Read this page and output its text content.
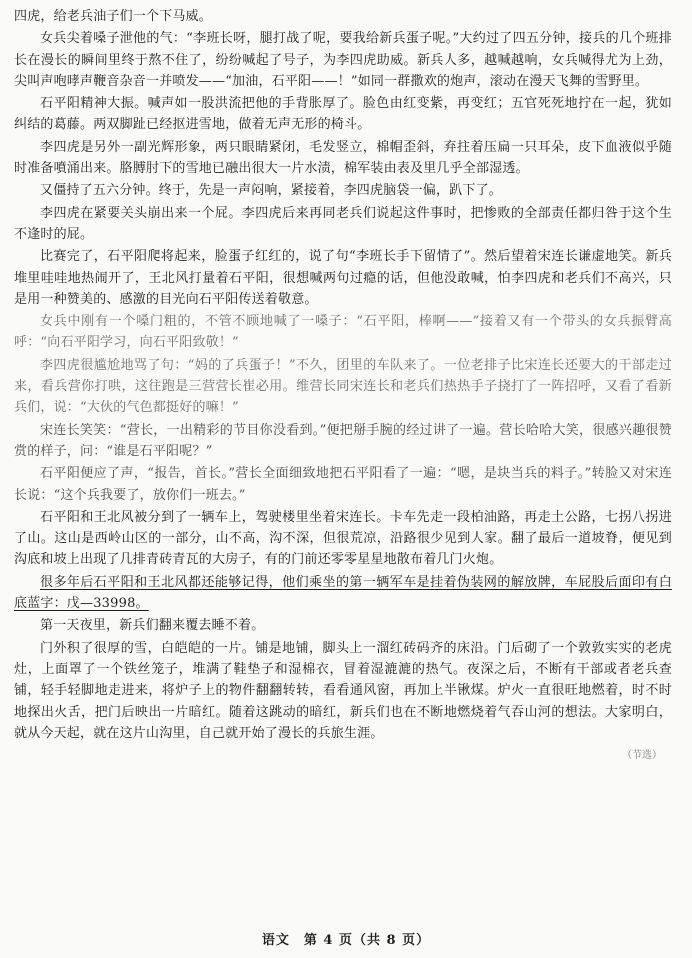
四虎，给老兵油子们一个下马威。

女兵尖着嗓子泄他的气：“李班长呀，腿打战了呢，要我给新兵蛋子呢。”大约过了四五分钟，接兵的几个班排长在漫长的瞬间里终于熬不住了，纷纷喊起了号子，为李四虎助威。新兵人多，越喊越响，女兵喊得尤为上劲，尖叫声咆哮声鞭音杂音一并喷发——“加油，石平阳——！”如同一群撒欢的炮声，滚动在漫天飞舞的雪野里。

石平阳精神大振。喊声如一股洪流把他的手背胀厚了。脸色由红变紫，再变红；五官死死地拧在一起，犹如纠结的葛藤。两双脚趾已经抠进雪地，做着无声无形的椅斗。

李四虎是另外一副光辉形象，两只眼睛紧闭，毛发竖立，棉帽歪斜，弃拄着压扁一只耳朵，皮下血液似乎随时准备噴涌出来。胳膊肘下的雪地已融出很大一片水渍，棉军装由表及里几乎全部湿透。

又僵持了五六分钟。终于，先是一声闷响，紧接着，李四虎脑袋一偏，趴下了。

李四虎在紧要关头崩出来一个屁。李四虎后来再同老兵们说起这件事时，把惨败的全部责任都归咎于这个生不逢时的屁。

比赛完了，石平阳爬将起来，脸蛋子红红的，说了句“李班长手下留情了”。然后望着宋连长谦虚地笑。新兵堆里哇哇地热闹开了，王北风打量着石平阳，很想喊两句过瘾的话，但他没敢喊，怕李四虎和老兵们不高兴，只是用一种赞美的、感激的目光向石平阳传送着敬意。

女兵中刚有一个嗓门粗的，不管不顾地喊了一嗓子：“石平阳，棒啊——”接着又有一个带头的女兵振臂高呼：“向石平阳学习，向石平阳致敬！”

李四虎很尴尬地骂了句：“妈的了兵蛋子！”不久，团里的车队来了。一位老排子比宋连长还要大的干部走过来，看兵营你打哄，这往跑是三营营长崔必用。维营长同宋连长和老兵们热热手子挠打了一阵招呼，又看了看新兵们，说：“大伙的气色都挺好的嘛！”

宋连长笑笑：“营长，一出精彩的节目你没看到。”便把掰手腕的经过讲了一遍。营长哈哈大笑，很感兴趣很赞赏的样子，问：“谁是石平阳呢？”

石平阳便应了声，“报告，首长。”营长全面细致地把石平阳看了一遍：“嗯，是块当兵的料子。”转脸又对宋连长说：“这个兵我要了，放你们一班去。”

石平阳和王北风被分到了一辆车上，驾驶楼里坐着宋连长。卡车先走一段柏油路，再走土公路，七拐八拐进了山。这山是西岭山区的一部分，山不高，沟不深，但很荒凉，沿路很少见到人家。翻了最后一道坡脊，便见到沟底和坡上出现了几排青砖青瓦的大房子，有的门前还零零星星地散布着几门火炮。

很多年后石平阳和王北风都还能够记得，他们乘坐的第一辆军车是挂着伪装网的解放牌，车屁股后面印有白底蓝字：戊—33998。

第一天夜里，新兵们翻来覆去睡不着。

门外积了很厚的雪，白皑皑的一片。铺是地铺，脚头上一溜红砖码齐的床沿。门后砌了一个敦敦实实的老虎灶，上面罩了一个铁丝笼子，堆满了鞋垫子和湿棉衣，冒着湿漉漉的热气。夜深之后，不断有干部或者老兵查铺，轻手轻脚地走进来，将炉子上的物件翻翻转转，看看通风窗，再加上半锹煤。炉火一直很旺地燃着，时不时地探出火舌，把门后映出一片暗红。随着这跳动的暗红，新兵们也在不断地燃烧着气吞山河的想法。大家明白，就从今天起，就在这片山沟里，自己就开始了漫长的兵旅生涯。

（节选）
语文　第 4 页（共 8 页）
